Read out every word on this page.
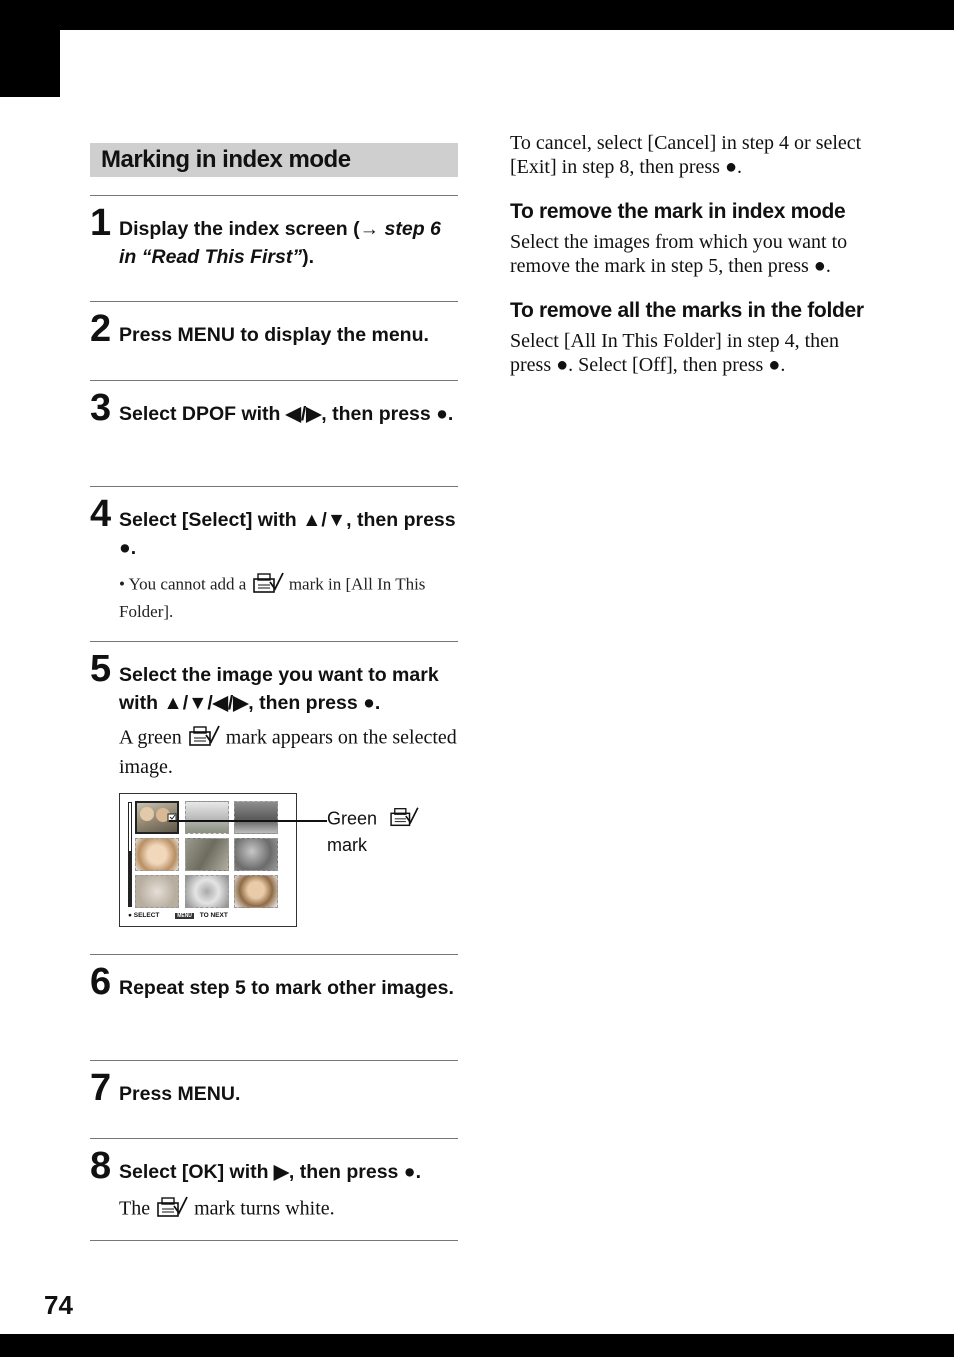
Marking in index mode
1 Display the index screen (→ step 6 in “Read This First”).
2 Press MENU to display the menu.
3 Select DPOF with ◀/▶, then press ●.
4 Select [Select] with ▲/▼, then press ●.
• You cannot add a	mark in [All In This Folder].
5 Select the image you want to mark with ▲/▼/◀/▶, then press ●.
A green mark appears on the selected image.
● SELECT	MENU TO NEXT
Green
mark
6 Repeat step 5 to mark other images.
7 Press MENU.
8 Select [OK] with ▶, then press ●.
The mark turns white.

To cancel, select [Cancel] in step 4 or select [Exit] in step 8, then press ●.

To remove the mark in index mode

Select the images from which you want to remove the mark in step 5, then press ●.

To remove all the marks in the folder

Select [All In This Folder] in step 4, then press ●. Select [Off], then press ●.

74
